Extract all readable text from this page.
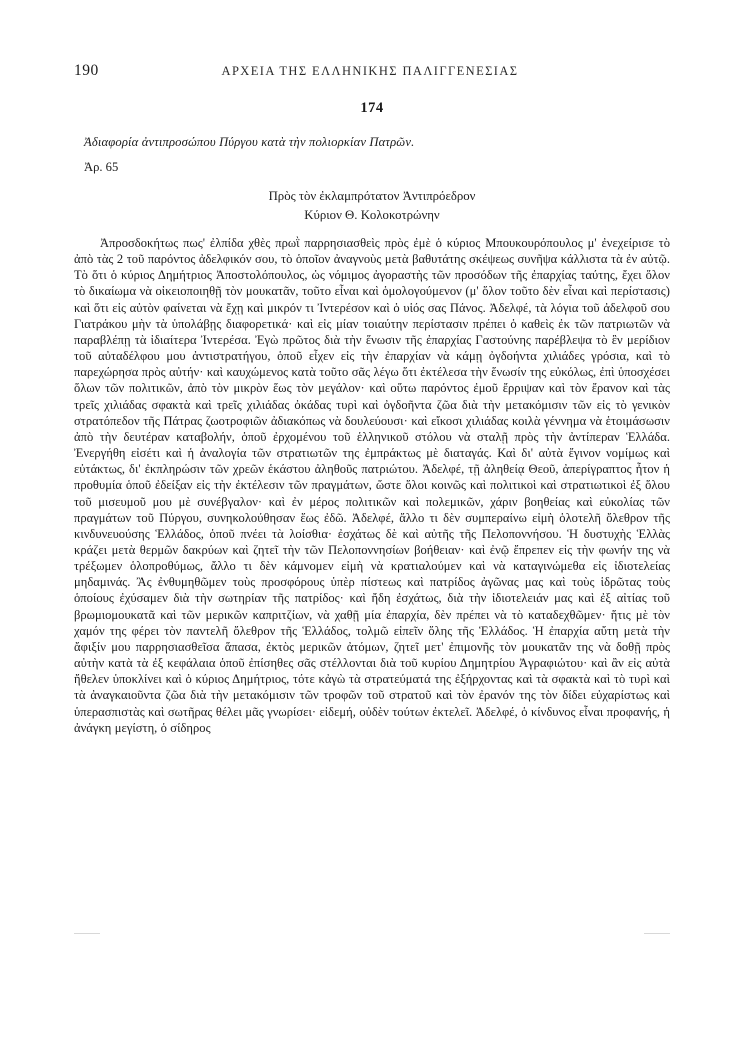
190	ΑΡΧΕΙΑ ΤΗΣ ΕΛΛΗΝΙΚΗΣ ΠΑΛΙΓΓΕΝΕΣΙΑΣ
174
Ἀδιαφορία ἀντιπροσώπου Πύργου κατὰ τὴν πολιορκίαν Πατρῶν.
Ἀρ. 65
Πρὸς τὸν ἐκλαμπρότατον Ἀντιπρόεδρον
Κύριον Θ. Κολοκοτρώνην

Ἀπροσδοκήτως πως' ἐλπίδα χθὲς πρωῒ παρρησιασθεὶς πρὸς ἐμὲ ὁ κύριος Μπουκουρόπουλος μ' ἐνεχείρισε τὸ ἀπὸ τὰς 2 τοῦ παρόντος ἀδελφικόν σου, τὸ ὁποῖον ἀναγνοὺς μετὰ βαθυτάτης σκέψεως συνῆψα κάλλιστα τὰ ἐν αὐτῷ. Τὸ ὅτι ὁ κύριος Δημήτριος Ἀποστολόπουλος, ὡς νόμιμος ἀγοραστὴς τῶν προσόδων τῆς ἐπαρχίας ταύτης, ἔχει ὅλον τὸ δικαίωμα νὰ οἰκειοποιηθῇ τὸν μουκατᾶν, τοῦτο εἶναι καὶ ὁμολογούμενον (μ' ὅλον τοῦτο δὲν εἶναι καὶ περίστασις) καὶ ὅτι εἰς αὐτὸν φαίνεται νὰ ἔχῃ καὶ μικρόν τι Ἰντερέσον καὶ ὁ υἱός σας Πάνος. Ἀδελφέ, τὰ λόγια τοῦ ἀδελφοῦ σου Γιατράκου μὴν τὰ ὑπολάβῃς διαφορετικά· καὶ εἰς μίαν τοιαύτην περίστασιν πρέπει ὁ καθεὶς ἐκ τῶν πατριωτῶν νὰ παραβλέπῃ τὰ ἰδιαίτερα Ἰντερέσα. Ἐγὼ πρῶτος διὰ τὴν ἕνωσιν τῆς ἐπαρχίας Γαστούνης παρέβλεψα τὸ ἓν μερίδιον τοῦ αὐταδέλφου μου ἀντιστρατήγου, ὁποῦ εἶχεν εἰς τὴν ἐπαρχίαν νὰ κάμῃ ὀγδοήντα χιλιάδες γρόσια, καὶ τὸ παρεχώρησα πρὸς αὐτήν· καὶ καυχώμενος κατὰ τοῦτο σᾶς λέγω ὅτι ἐκτέλεσα τὴν ἕνωσίν της εὐκόλως, ἐπὶ ὑποσχέσει ὅλων τῶν πολιτικῶν, ἀπὸ τὸν μικρὸν ἕως τὸν μεγάλον· καὶ οὕτω παρόντος ἐμοῦ ἔρριψαν καὶ τὸν ἔρανον καὶ τὰς τρεῖς χιλιάδας σφακτὰ καὶ τρεῖς χιλιάδας ὀκάδας τυρὶ καὶ ὀγδοῆντα ζῶα διὰ τὴν μετακόμισιν τῶν εἰς τὸ γενικὸν στρατόπεδον τῆς Πάτρας ζωοτροφιῶν ἀδιακόπως νὰ δουλεύουσι· καὶ εἴκοσι χιλιάδας κοιλὰ γέννημα νὰ ἑτοιμάσωσιν ἀπὸ τὴν δευτέραν καταβολήν, ὁποῦ ἐρχομένου τοῦ ἑλληνικοῦ στόλου νὰ σταλῇ πρὸς τὴν ἀντίπεραν Ἑλλάδα. Ἐνεργήθη εἰσέτι καὶ ἡ ἀναλογία τῶν στρατιωτῶν της ἐμπράκτως μὲ διαταγάς. Καὶ δι' αὐτὰ ἔγινον νομίμως καὶ εὐτάκτως, δι' ἐκπληρώσιν τῶν χρεῶν ἑκάστου ἀληθοῦς πατριώτου. Ἀδελφέ, τῇ ἀληθείᾳ Θεοῦ, ἀπερίγραπτος ἦτον ἡ προθυμία ὁποῦ ἐδείξαν εἰς τὴν ἐκτέλεσιν τῶν πραγμάτων, ὥστε ὅλοι κοινῶς καὶ πολιτικοὶ καὶ στρατιωτικοὶ ἐξ ὅλου τοῦ μισευμοῦ μου μὲ συνέβγαλον· καὶ ἐν μέρος πολιτικῶν καὶ πολεμικῶν, χάριν βοηθείας καὶ εὐκολίας τῶν πραγμάτων τοῦ Πύργου, συνηκολούθησαν ἕως ἐδῶ. Ἀδελφέ, ἄλλο τι δὲν συμπεραίνω εἰμὴ ὁλοτελῆ ὄλεθρον τῆς κινδυνευούσης Ἑλλάδος, ὁποῦ πνέει τὰ λοίσθια· ἐσχάτως δὲ καὶ αὐτῆς τῆς Πελοποννήσου. Ἡ δυστυχὴς Ἑλλὰς κράζει μετὰ θερμῶν δακρύων καὶ ζητεῖ τὴν τῶν Πελοποννησίων βοήθειαν· καὶ ἐνῷ ἔπρεπεν εἰς τὴν φωνήν της νὰ τρέξωμεν ὁλοπροθύμως, ἄλλο τι δὲν κάμνομεν εἰμὴ νὰ κρατιαλούμεν καὶ νὰ καταγινώμεθα εἰς ἰδιοτελείας μηδαμινάς. Ἂς ἐνθυμηθῶμεν τοὺς προσφόρους ὑπὲρ πίστεως καὶ πατρίδος ἀγῶνας μας καὶ τοὺς ἱδρῶτας τοὺς ὁποίους ἐχύσαμεν διὰ τὴν σωτηρίαν τῆς πατρίδος· καὶ ἤδη ἐσχάτως, διὰ τὴν ἰδιοτελειάν μας καὶ ἐξ αἰτίας τοῦ βρωμιομουκατᾶ καὶ τῶν μερικῶν καπριτζίων, νὰ χαθῇ μία ἐπαρχία, δὲν πρέπει νὰ τὸ καταδεχθῶμεν· ἥτις μὲ τὸν χαμόν της φέρει τὸν παντελῆ ὄλεθρον τῆς Ἑλλάδος, τολμῶ εἰπεῖν ὅλης τῆς Ἑλλάδος. Ἡ ἐπαρχία αὔτη μετὰ τὴν ἄφιξίν μου παρρησιασθεῖσα ἅπασα, ἐκτὸς μερικῶν ἀτόμων, ζητεῖ μετ' ἐπιμονῆς τὸν μουκατᾶν της νὰ δοθῇ πρὸς αὐτὴν κατὰ τὰ ἐξ κεφάλαια ὁποῦ ἐπίσηθες σᾶς στέλλονται διὰ τοῦ κυρίου Δημητρίου Ἀγραφιώτου· καὶ ἂν εἰς αὐτὰ ἤθελεν ὑποκλίνει καὶ ὁ κύριος Δημήτριος, τότε κἀγὼ τὰ στρατεύματά της ἐξήρχοντας καὶ τὰ σφακτὰ καὶ τὸ τυρὶ καὶ τὰ ἀναγκαιοῦντα ζῶα διὰ τὴν μετακόμισιν τῶν τροφῶν τοῦ στρατοῦ καὶ τὸν ἐρανόν της τὸν δίδει εὐχαρίστως καὶ ὑπερασπιστὰς καὶ σωτῆρας θέλει μᾶς γνωρίσει· εἰδεμή, οὐδὲν τούτων ἐκτελεῖ. Ἀδελφέ, ὁ κίνδυνος εἶναι προφανής, ἡ ἀνάγκη μεγίστη, ὁ σίδηρος
